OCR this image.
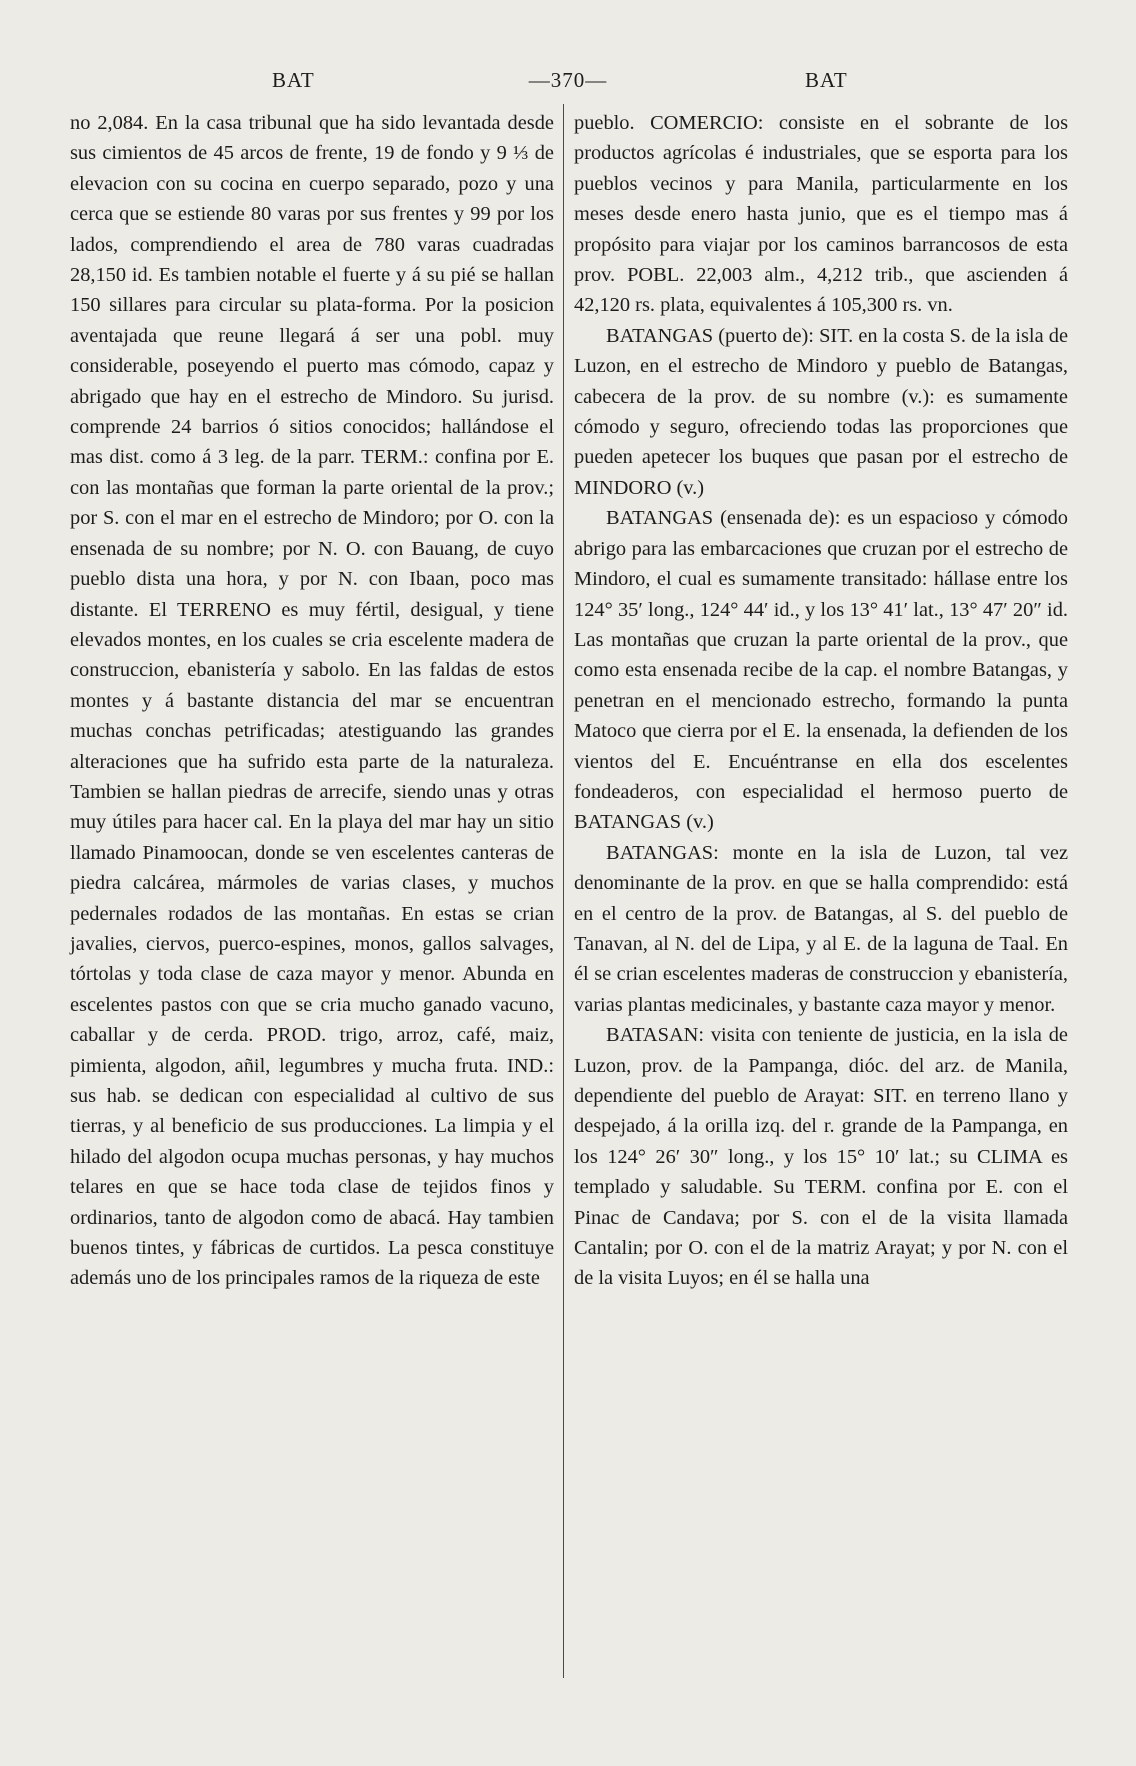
BAT	—370—	BAT

no 2,084. En la casa tribunal que ha sido levantada desde sus cimientos de 45 arcos de frente, 19 de fondo y 9 ⅓ de elevacion con su cocina en cuerpo separado, pozo y una cerca que se estiende 80 varas por sus frentes y 99 por los lados, comprendiendo el area de 780 varas cuadradas 28,150 id. Es tambien notable el fuerte y á su pié se hallan 150 sillares para circular su plata-forma. Por la posicion aventajada que reune llegará á ser una pobl. muy considerable, poseyendo el puerto mas cómodo, capaz y abrigado que hay en el estrecho de Mindoro. Su jurisd. comprende 24 barrios ó sitios conocidos; hallándose el mas dist. como á 3 leg. de la parr. TERM.: confina por E. con las montañas que forman la parte oriental de la prov.; por S. con el mar en el estrecho de Mindoro; por O. con la ensenada de su nombre; por N. O. con Bauang, de cuyo pueblo dista una hora, y por N. con Ibaan, poco mas distante. El TERRENO es muy fértil, desigual, y tiene elevados montes, en los cuales se cria escelente madera de construccion, ebanistería y sabolo. En las faldas de estos montes y á bastante distancia del mar se encuentran muchas conchas petrificadas; atestiguando las grandes alteraciones que ha sufrido esta parte de la naturaleza. Tambien se hallan piedras de arrecife, siendo unas y otras muy útiles para hacer cal. En la playa del mar hay un sitio llamado Pinamoocan, donde se ven escelentes canteras de piedra calcárea, mármoles de varias clases, y muchos pedernales rodados de las montañas. En estas se crian javalies, ciervos, puerco-espines, monos, gallos salvages, tórtolas y toda clase de caza mayor y menor. Abunda en escelentes pastos con que se cria mucho ganado vacuno, caballar y de cerda. PROD. trigo, arroz, café, maiz, pimienta, algodon, añil, legumbres y mucha fruta. IND.: sus hab. se dedican con especialidad al cultivo de sus tierras, y al beneficio de sus producciones. La limpia y el hilado del algodon ocupa muchas personas, y hay muchos telares en que se hace toda clase de tejidos finos y ordinarios, tanto de algodon como de abacá. Hay tambien buenos tintes, y fábricas de curtidos. La pesca constituye además uno de los principales ramos de la riqueza de este

pueblo. COMERCIO: consiste en el sobrante de los productos agrícolas é industriales, que se esporta para los pueblos vecinos y para Manila, particularmente en los meses desde enero hasta junio, que es el tiempo mas á propósito para viajar por los caminos barrancosos de esta prov. POBL. 22,003 alm., 4,212 trib., que ascienden á 42,120 rs. plata, equivalentes á 105,300 rs. vn.

BATANGAS (puerto de): SIT. en la costa S. de la isla de Luzon, en el estrecho de Mindoro y pueblo de Batangas, cabecera de la prov. de su nombre (v.): es sumamente cómodo y seguro, ofreciendo todas las proporciones que pueden apetecer los buques que pasan por el estrecho de MINDORO (v.)

BATANGAS (ensenada de): es un espacioso y cómodo abrigo para las embarcaciones que cruzan por el estrecho de Mindoro, el cual es sumamente transitado: hállase entre los 124° 35′ long., 124° 44′ id., y los 13° 41′ lat., 13° 47′ 20″ id. Las montañas que cruzan la parte oriental de la prov., que como esta ensenada recibe de la cap. el nombre Batangas, y penetran en el mencionado estrecho, formando la punta Matoco que cierra por el E. la ensenada, la defienden de los vientos del E. Encuéntranse en ella dos escelentes fondeaderos, con especialidad el hermoso puerto de BATANGAS (v.)

BATANGAS: monte en la isla de Luzon, tal vez denominante de la prov. en que se halla comprendido: está en el centro de la prov. de Batangas, al S. del pueblo de Tanavan, al N. del de Lipa, y al E. de la laguna de Taal. En él se crian escelentes maderas de construccion y ebanistería, varias plantas medicinales, y bastante caza mayor y menor.

BATASAN: visita con teniente de justicia, en la isla de Luzon, prov. de la Pampanga, dióc. del arz. de Manila, dependiente del pueblo de Arayat: SIT. en terreno llano y despejado, á la orilla izq. del r. grande de la Pampanga, en los 124° 26′ 30″ long., y los 15° 10′ lat.; su CLIMA es templado y saludable. Su TERM. confina por E. con el Pinac de Candava; por S. con el de la visita llamada Cantalin; por O. con el de la matriz Arayat; y por N. con el de la visita Luyos; en él se halla una
